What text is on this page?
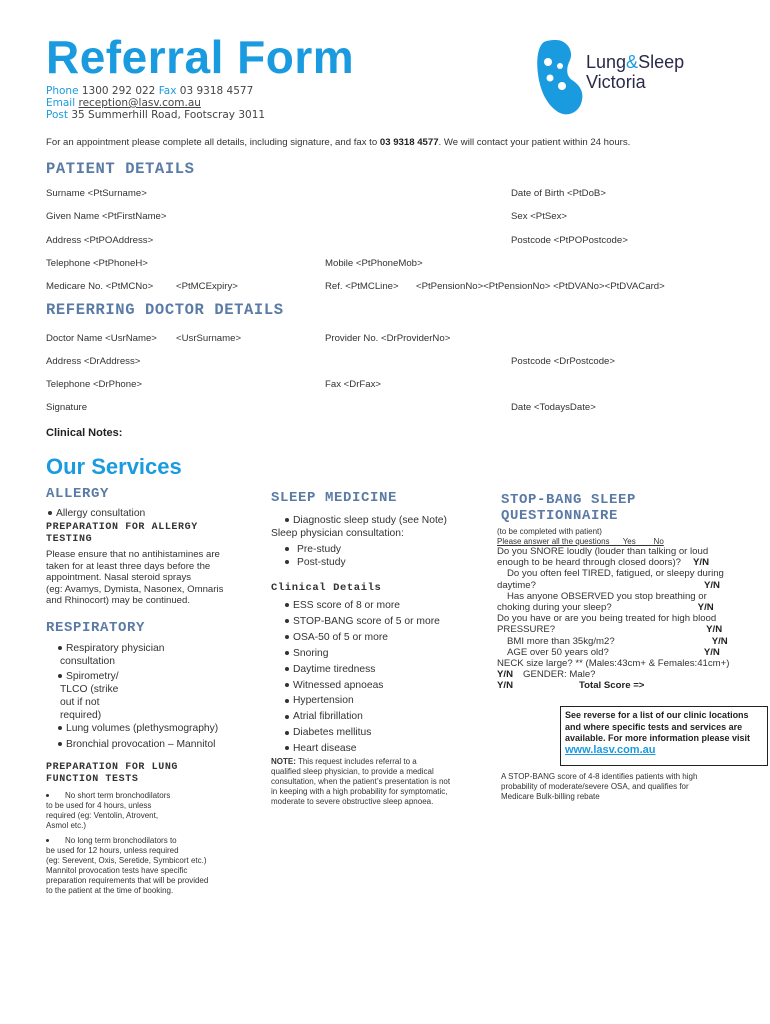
Referral Form
Phone 1300 292 022 Fax 03 9318 4577
Email reception@lasv.com.au
Post 35 Summerhill Road, Footscray 3011
Lung&Sleep
Victoria
For an appointment please complete all details, including signature, and fax to 03 9318 4577. We will contact your patient within 24 hours.
PATIENT DETAILS
Surname <PtSurname>	Date of Birth <PtDoB>
Given Name <PtFirstName>	Sex <PtSex>
Address <PtPOAddress>	Postcode <PtPOPostcode>
Telephone <PtPhoneH>	Mobile <PtPhoneMob>
Medicare No. <PtMCNo> <PtMCExpiry>	Ref. <PtMCLine> <PtPensionNo><PtPensionNo> <PtDVANo><PtDVACard>
REFERRING DOCTOR DETAILS
Doctor Name <UsrName> <UsrSurname>	Provider No. <DrProviderNo>
Address <DrAddress>	Postcode <DrPostcode>
Telephone <DrPhone>	Fax <DrFax>
Signature	Date <TodaysDate>
Clinical Notes:
Our Services
ALLERGY
Allergy consultation
PREPARATION FOR ALLERGY
TESTING
Please ensure that no antihistamines are
taken for at least three days before the
appointment. Nasal steroid sprays
(eg: Avamys, Dymista, Nasonex, Omnaris
and Rhinocort) may be continued.
RESPIRATORY
Respiratory physician
consultation
Spirometry/
TLCO (strike
out if not
required)
Lung volumes (plethysmography)
Bronchial provocation – Mannitol
PREPARATION FOR LUNG
FUNCTION TESTS
No short term bronchodilators
to be used for 4 hours, unless
required (eg: Ventolin, Atrovent,
Asmol etc.)
No long term bronchodilators to
be used for 12 hours, unless required
(eg: Serevent, Oxis, Seretide, Symbicort etc.)
Mannitol provocation tests have specific
preparation requirements that will be provided
to the patient at the time of booking.
SLEEP MEDICINE
Diagnostic sleep study (see Note)
Sleep physician consultation:
Pre-study
Post-study
Clinical Details
ESS score of 8 or more
STOP-BANG score of 5 or more
OSA-50 of 5 or more
Snoring
Daytime tiredness
Witnessed apnoeas
Hypertension
Atrial fibrillation
Diabetes mellitus
Heart disease
NOTE: This request includes referral to a
qualified sleep physician, to provide a medical
consultation, when the patient’s presentation is not
in keeping with a high probability for symptomatic,
moderate to severe obstructive sleep apnoea.
STOP-BANG SLEEP
QUESTIONNAIRE
(to be completed with patient)
Please answer all the questions      Yes        No
Do you SNORE loudly (louder than talking or loud
enough to be heard through closed doors)? Y/N
Do you often feel TIRED, fatigued, or sleepy during
daytime?	Y/N
Has anyone OBSERVED you stop breathing or
choking during your sleep?	Y/N
Do you have or are you being treated for high blood
PRESSURE?	Y/N
BMI more than 35kg/m2?	Y/N
AGE over 50 years old?	Y/N
NECK size large? ** (Males:43cm+ & Females:41cm+)
Y/N GENDER: Male?
Y/N	Total Score =>
See reverse for a list of our clinic locations
and where specific tests and services are
available. For more information please visit
www.lasv.com.au
A STOP-BANG score of 4-8 identifies patients with high
probability of moderate/severe OSA, and qualifies for
Medicare Bulk-billing rebate
